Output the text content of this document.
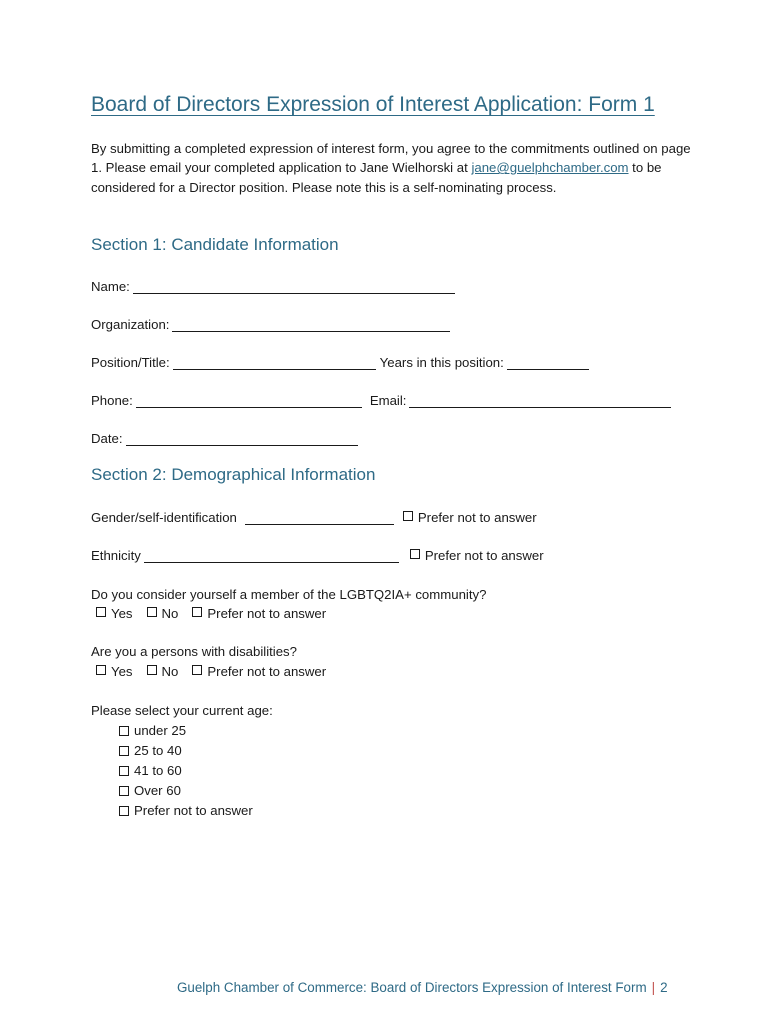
Board of Directors Expression of Interest Application: Form 1

By submitting a completed expression of interest form, you agree to the commitments outlined on page 1. Please email your completed application to Jane Wielhorski at jane@guelphchamber.com to be considered for a Director position. Please note this is a self-nominating process.

Section 1: Candidate Information
Name:
Organization:
Position/Title:	Years in this position:
Phone:	Email:
Date:
Section 2: Demographical Information
Gender/self-identification	Prefer not to answer
Ethnicity	Prefer not to answer
Do you consider yourself a member of the LGBTQ2IA+ community?
Yes No Prefer not to answer
Are you a persons with disabilities?
Yes No Prefer not to answer
Please select your current age:
under 25
25 to 40
41 to 60
Over 60
Prefer not to answer
Guelph Chamber of Commerce: Board of Directors Expression of Interest Form | 2
